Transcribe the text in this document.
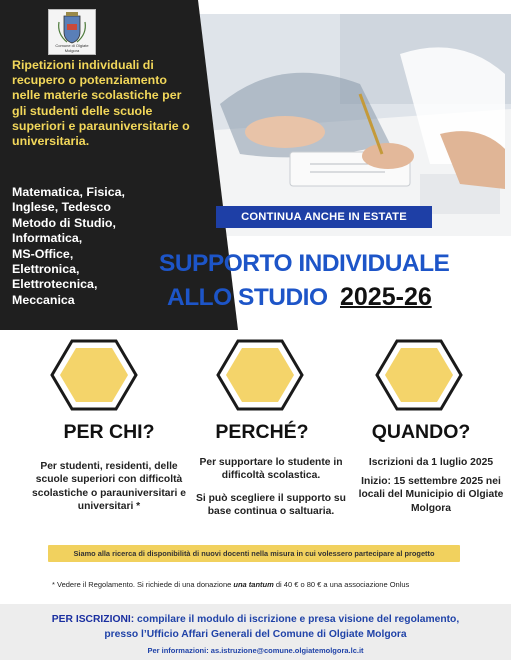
Comune di Olgiate Molgora
Ripetizioni individuali di recupero o potenziamento nelle materie scolastiche per gli studenti delle scuole superiori e parauniversitarie o universitaria.
Matematica, Fisica,
Inglese, Tedesco
Metodo di Studio,
Informatica,
MS-Office,
Elettronica,
Elettrotecnica,
Meccanica
CONTINUA ANCHE IN ESTATE
SUPPORTO INDIVIDUALE
ALLO STUDIO 2025-26
PER CHI?	PERCHÉ?	QUANDO?
Per studenti, residenti, delle scuole superiori con difficoltà scolastiche o parauniversitari e universitari *
Per supportare lo studente in difficoltà scolastica.
Si può scegliere il supporto su base continua o saltuaria.
Iscrizioni da 1 luglio 2025
Inizio: 15 settembre 2025 nei locali del Municipio di Olgiate Molgora
Siamo alla ricerca di disponibilità di nuovi docenti nella misura in cui volessero partecipare al progetto
* Vedere il Regolamento. Si richiede di una donazione una tantum di 40 € o 80 € a una associazione Onlus
PER ISCRIZIONI: compilare il modulo di iscrizione e presa visione del regolamento,
presso l’Ufficio Affari Generali del Comune di Olgiate Molgora
Per informazioni: as.istruzione@comune.olgiatemolgora.lc.it
